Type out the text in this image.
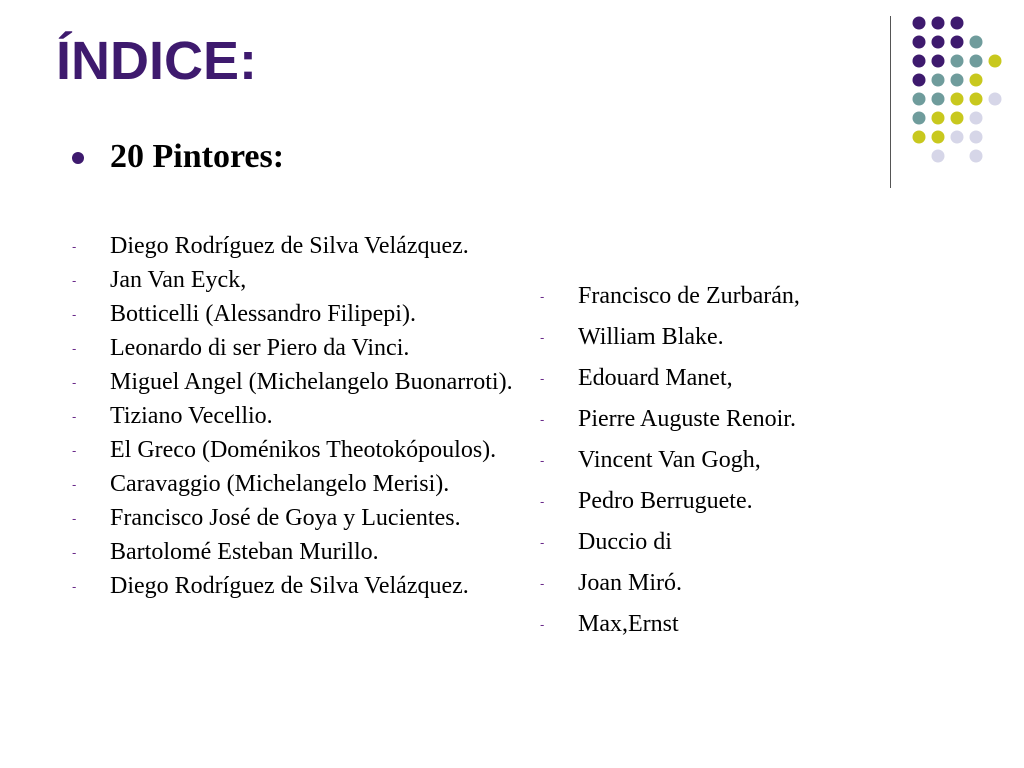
ÍNDICE:
20 Pintores:
- Diego Rodríguez de Silva Velázquez.
- Jan Van Eyck,
- Botticelli (Alessandro Filipepi).
- Leonardo di ser Piero da Vinci.
- Miguel Angel (Michelangelo Buonarroti).
- Tiziano Vecellio.
- El Greco (Doménikos Theotokópoulos).
- Caravaggio (Michelangelo Merisi).
- Francisco José de Goya y Lucientes.
- Bartolomé Esteban Murillo.
- Diego Rodríguez de Silva Velázquez.
- Francisco de Zurbarán,
- William Blake.
- Edouard Manet,
- Pierre Auguste Renoir.
- Vincent Van Gogh,
- Pedro Berruguete.
- Duccio di
- Joan Miró.
- Max,Ernst
